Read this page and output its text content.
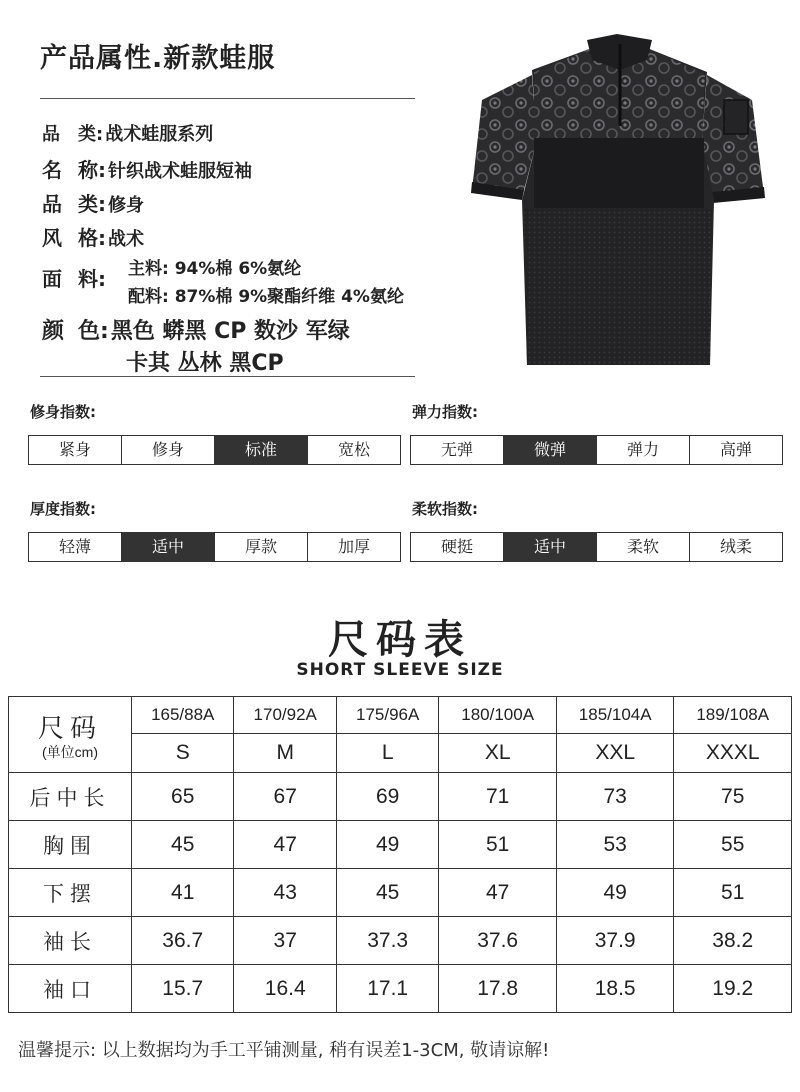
产品属性.新款蛙服
品 类: 战术蛙服系列
名 称: 针织战术蛙服短袖
品 类: 修身
风 格: 战术
面 料: 主料: 94%棉 6%氨纶
配料: 87%棉 9%聚酯纤维 4%氨纶
颜 色:黑色 蟒黑 CP 数沙 军绿
卡其 丛林 黑CP
修身指数:
紧身	修身	标准	宽松
弹力指数:
无弹	微弹	弹力	高弹
厚度指数:
轻薄	适中	厚款	加厚
柔软指数:
硬挺	适中	柔软	绒柔
尺码表
SHORT SLEEVE SIZE
尺码
(单位cm)	165/88A	170/92A	175/96A	180/100A	185/104A	189/108A
	S	M	L	XL	XXL	XXXL
后中长	65	67	69	71	73	75
胸围	45	47	49	51	53	55
下摆	41	43	45	47	49	51
袖长	36.7	37	37.3	37.6	37.9	38.2
袖口	15.7	16.4	17.1	17.8	18.5	19.2
温馨提示: 以上数据均为手工平铺测量, 稍有误差1-3CM, 敬请谅解!
